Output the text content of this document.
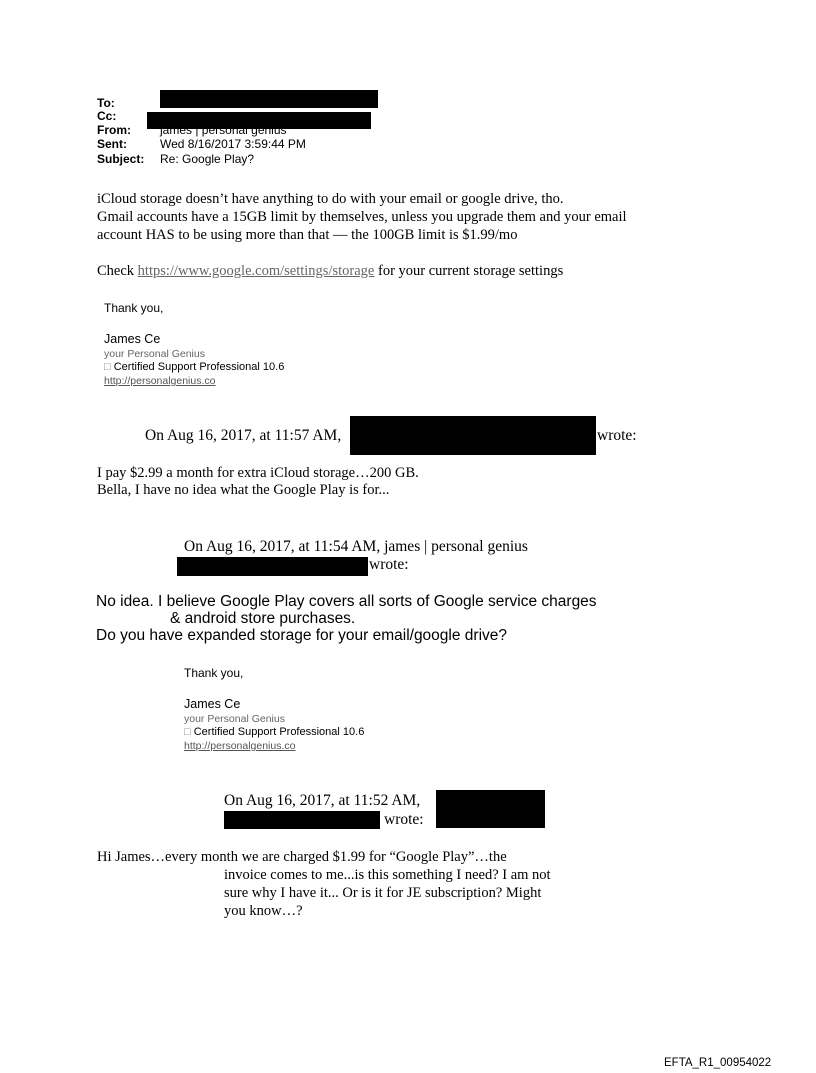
To:
Cc:
From: james | personal genius
Sent:	Wed 8/16/2017 3:59:44 PM
Subject: Re: Google Play?
iCloud storage doesn’t have anything to do with your email or google drive, tho.
Gmail accounts have a 15GB limit by themselves, unless you upgrade them and your email
account HAS to be using more than that — the 100GB limit is $1.99/mo
Check https://www.google.com/settings/storage for your current storage settings
Thank you,
James Ce
your Personal Genius
□ Certified Support Professional 10.6
http://personalgenius.co
On Aug 16, 2017, at 11:57 AM,	wrote:
I pay $2.99 a month for extra iCloud storage…200 GB.
Bella, I have no idea what the Google Play is for...
On Aug 16, 2017, at 11:54 AM, james | personal genius
wrote:
No idea. I believe Google Play covers all sorts of Google service charges
& android store purchases.
Do you have expanded storage for your email/google drive?
Thank you,
James Ce
your Personal Genius
□ Certified Support Professional 10.6
http://personalgenius.co
On Aug 16, 2017, at 11:52 AM,
wrote:
Hi James…every month we are charged $1.99 for “Google Play”…the
invoice comes to me...is this something I need? I am not
sure why I have it... Or is it for JE subscription? Might
you know…?
EFTA_R1_00954022
